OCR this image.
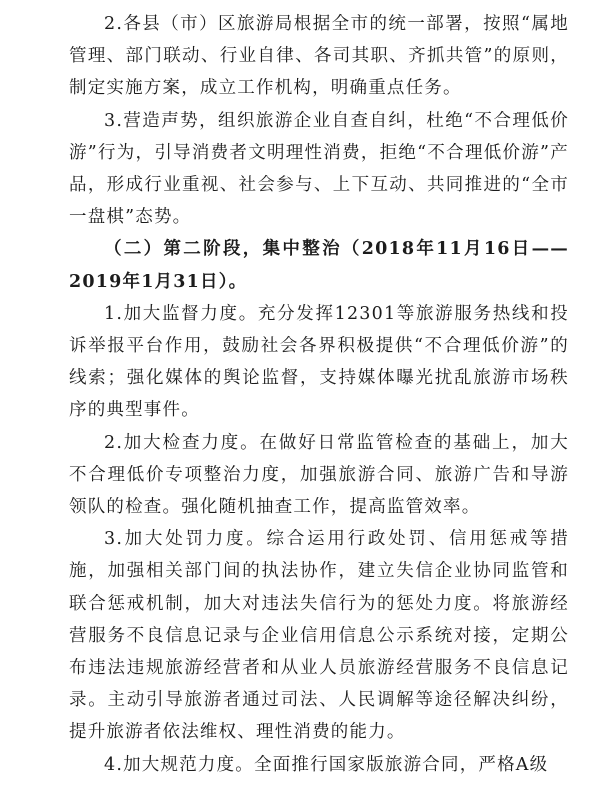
2.各县（市）区旅游局根据全市的统一部署，按照“属地管理、部门联动、行业自律、各司其职、齐抓共管”的原则，制定实施方案，成立工作机构，明确重点任务。

3.营造声势，组织旅游企业自查自纠，杜绝“不合理低价游”行为，引导消费者文明理性消费，拒绝“不合理低价游”产品，形成行业重视、社会参与、上下互动、共同推进的“全市一盘棋”态势。

（二）第二阶段，集中整治（2018年11月16日——2019年1月31日）。

1.加大监督力度。充分发挥12301等旅游服务热线和投诉举报平台作用，鼓励社会各界积极提供“不合理低价游”的线索；强化媒体的舆论监督，支持媒体曝光扰乱旅游市场秩序的典型事件。

2.加大检查力度。在做好日常监管检查的基础上，加大不合理低价专项整治力度，加强旅游合同、旅游广告和导游领队的检查。强化随机抽查工作，提高监管效率。

3.加大处罚力度。综合运用行政处罚、信用惩戒等措施，加强相关部门间的执法协作，建立失信企业协同监管和联合惩戒机制，加大对违法失信行为的惩处力度。将旅游经营服务不良信息记录与企业信用信息公示系统对接，定期公布违法违规旅游经营者和从业人员旅游经营服务不良信息记录。主动引导旅游者通过司法、人民调解等途径解决纠纷，提升旅游者依法维权、理性消费的能力。

4.加大规范力度。全面推行国家版旅游合同，严格A级
